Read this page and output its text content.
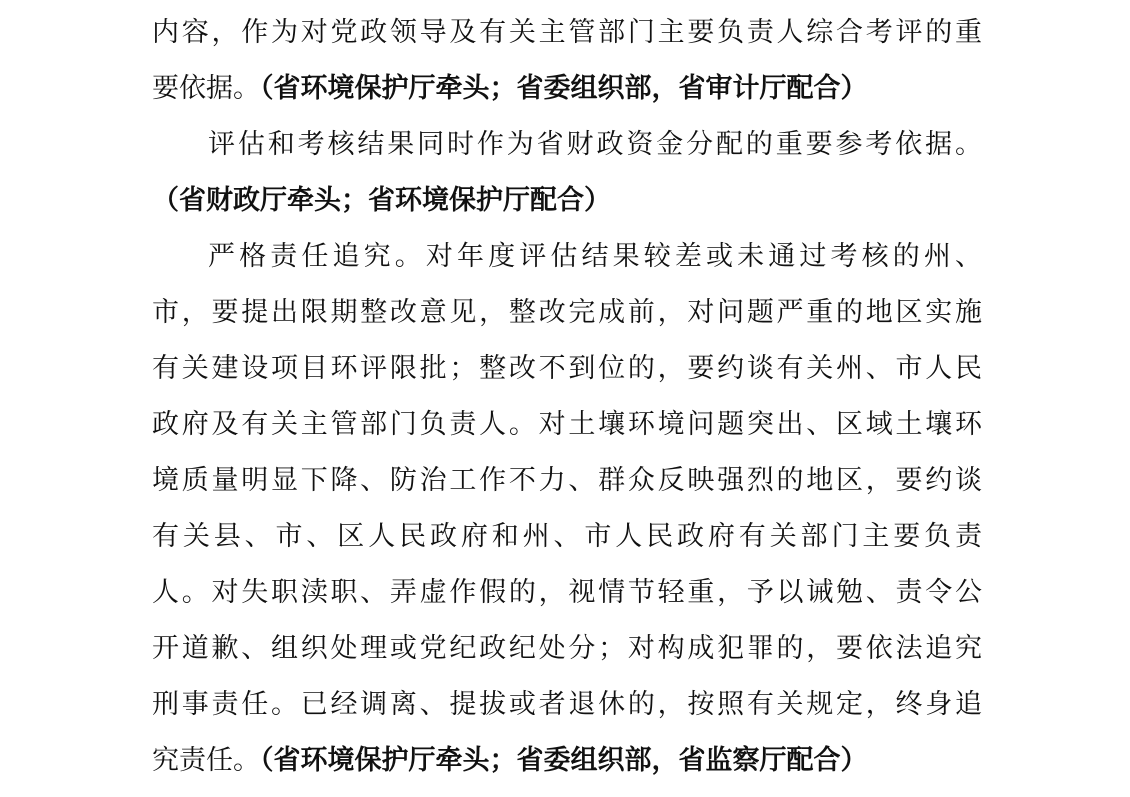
内容，作为对党政领导及有关主管部门主要负责人综合考评的重
要依据。（省环境保护厅牵头；省委组织部，省审计厅配合）
评估和考核结果同时作为省财政资金分配的重要参考依据。
（省财政厅牵头；省环境保护厅配合）
严格责任追究。对年度评估结果较差或未通过考核的州、
市，要提出限期整改意见，整改完成前，对问题严重的地区实施
有关建设项目环评限批；整改不到位的，要约谈有关州、市人民
政府及有关主管部门负责人。对土壤环境问题突出、区域土壤环
境质量明显下降、防治工作不力、群众反映强烈的地区，要约谈
有关县、市、区人民政府和州、市人民政府有关部门主要负责
人。对失职渎职、弄虚作假的，视情节轻重，予以诫勉、责令公
开道歉、组织处理或党纪政纪处分；对构成犯罪的，要依法追究
刑事责任。已经调离、提拔或者退休的，按照有关规定，终身追
究责任。（省环境保护厅牵头；省委组织部，省监察厅配合）
